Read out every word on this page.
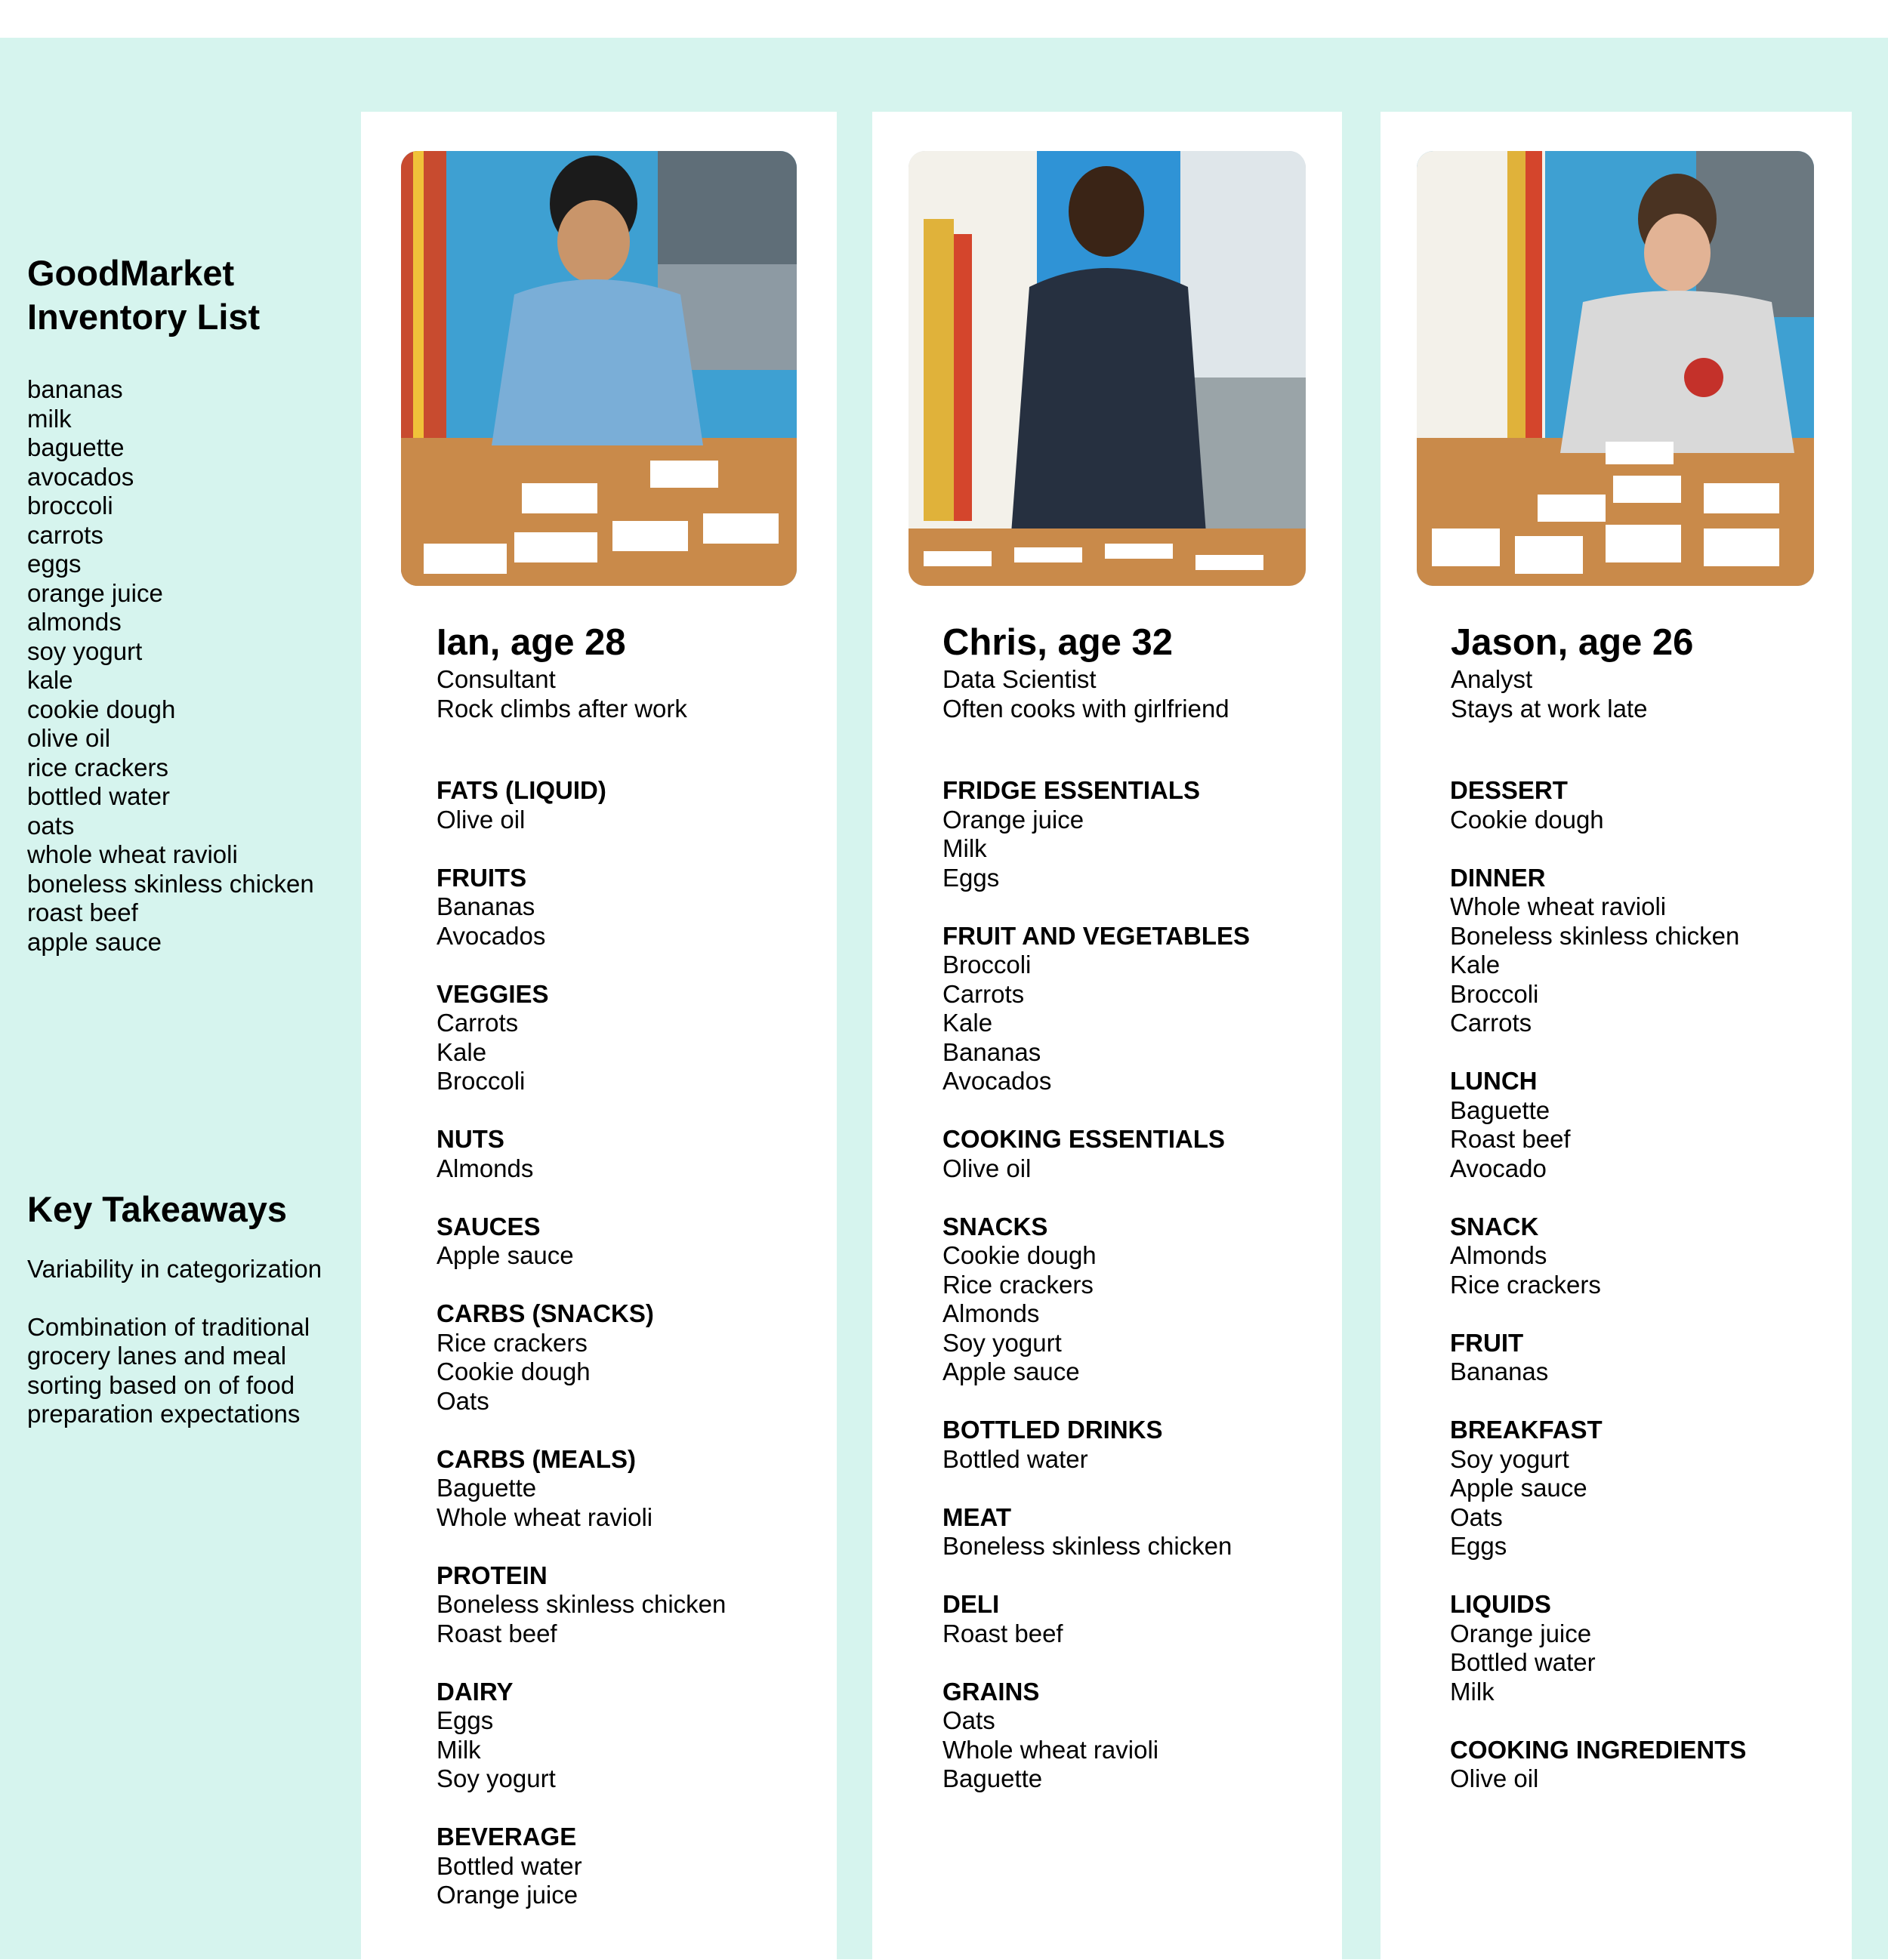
GoodMarket Inventory List
bananas
milk
baguette
avocados
broccoli
carrots
eggs
orange juice
almonds
soy yogurt
kale
cookie dough
olive oil
rice crackers
bottled water
oats
whole wheat ravioli
boneless skinless chicken
roast beef
apple sauce
Key Takeaways

Variability in categorization

Combination of traditional grocery lanes and meal sorting based on of food preparation expectations

Ian, age 28
Consultant
Rock climbs after work
FATS (LIQUID)
Olive oil
FRUITS
Bananas
Avocados
VEGGIES
Carrots
Kale
Broccoli
NUTS
Almonds
SAUCES
Apple sauce
CARBS (SNACKS)
Rice crackers
Cookie dough
Oats
CARBS (MEALS)
Baguette
Whole wheat ravioli
PROTEIN
Boneless skinless chicken
Roast beef
DAIRY
Eggs
Milk
Soy yogurt
BEVERAGE
Bottled water
Orange juice
Chris, age 32
Data Scientist
Often cooks with girlfriend
FRIDGE ESSENTIALS
Orange juice
Milk
Eggs
FRUIT AND VEGETABLES
Broccoli
Carrots
Kale
Bananas
Avocados
COOKING ESSENTIALS
Olive oil
SNACKS
Cookie dough
Rice crackers
Almonds
Soy yogurt
Apple sauce
BOTTLED DRINKS
Bottled water
MEAT
Boneless skinless chicken
DELI
Roast beef
GRAINS
Oats
Whole wheat ravioli
Baguette
Jason, age 26
Analyst
Stays at work late
DESSERT
Cookie dough
DINNER
Whole wheat ravioli
Boneless skinless chicken
Kale
Broccoli
Carrots
LUNCH
Baguette
Roast beef
Avocado
SNACK
Almonds
Rice crackers
FRUIT
Bananas
BREAKFAST
Soy yogurt
Apple sauce
Oats
Eggs
LIQUIDS
Orange juice
Bottled water
Milk
COOKING INGREDIENTS
Olive oil
